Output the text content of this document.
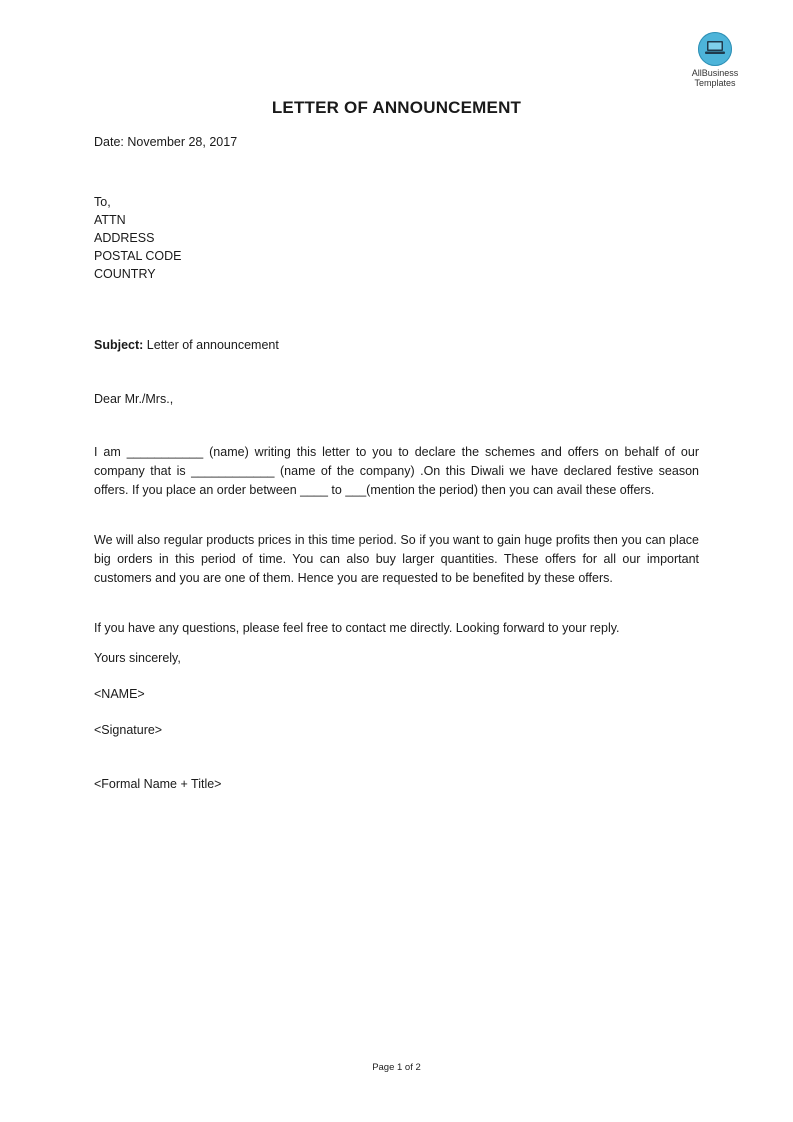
AllBusiness
Templates
LETTER OF ANNOUNCEMENT
Date: November 28, 2017
To,
ATTN
ADDRESS
POSTAL CODE
COUNTRY
Subject: Letter of announcement
Dear Mr./Mrs.,
I am ___________ (name) writing this letter to you to declare the schemes and offers on behalf of our company that is ____________ (name of the company) .On this Diwali we have declared festive season offers. If you place an order between ____ to ___(mention the period) then you can avail these offers.
We will also regular products prices in this time period. So if you want to gain huge profits then you can place big orders in this period of time. You can also buy larger quantities. These offers for all our important customers and you are one of them. Hence you are requested to be benefited by these offers.
If you have any questions, please feel free to contact me directly. Looking forward to your reply.
Yours sincerely,
<NAME>
<Signature>
<Formal Name + Title>
Page 1 of 2
